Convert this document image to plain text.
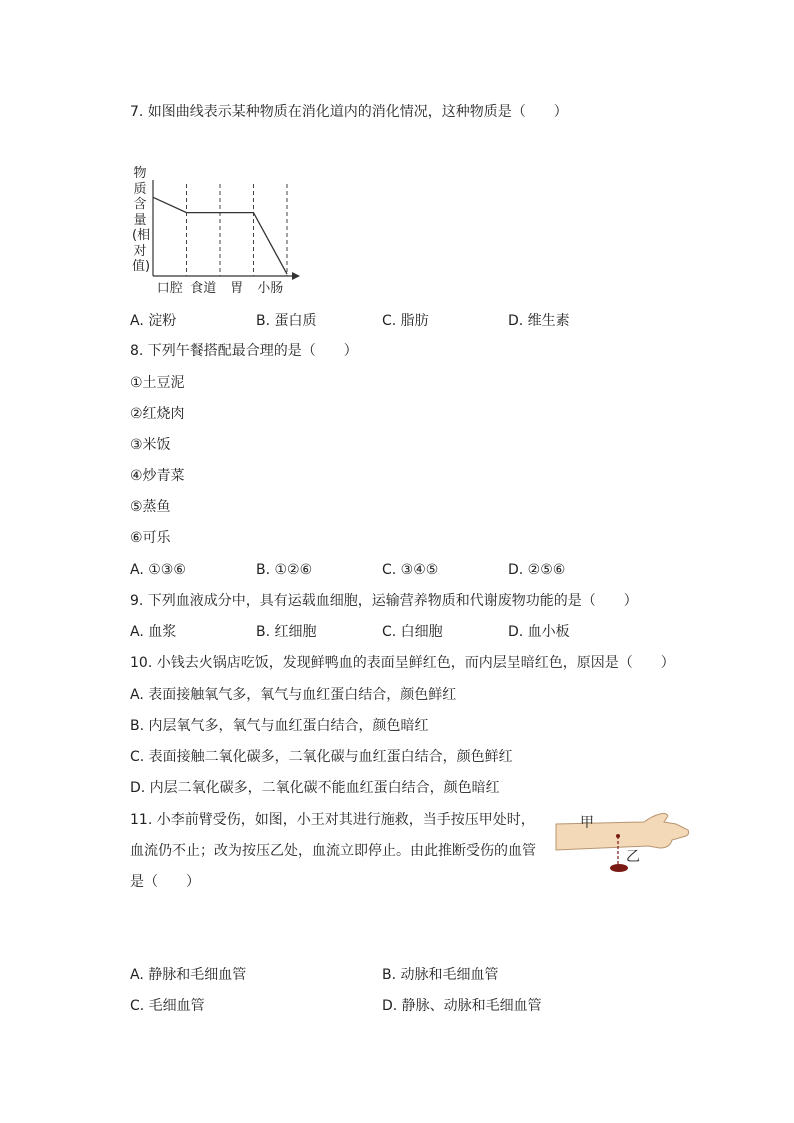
7. 如图曲线表示某种物质在消化道内的消化情况，这种物质是（　　）
物质含量(相对值)
口腔 食道 胃 小肠
A. 淀粉	B. 蛋白质	C. 脂肪	D. 维生素
8. 下列午餐搭配最合理的是（　　）
①土豆泥
②红烧肉
③米饭
④炒青菜
⑤蒸鱼
⑥可乐
A. ①③⑥	B. ①②⑥	C. ③④⑤	D. ②⑤⑥
9. 下列血液成分中，具有运载血细胞，运输营养物质和代谢废物功能的是（　　）
A. 血浆	B. 红细胞	C. 白细胞	D. 血小板
10. 小钱去火锅店吃饭，发现鲜鸭血的表面呈鲜红色，而内层呈暗红色，原因是（　　）
A. 表面接触氧气多，氧气与血红蛋白结合，颜色鲜红
B. 内层氧气多，氧气与血红蛋白结合，颜色暗红
C. 表面接触二氧化碳多，二氧化碳与血红蛋白结合，颜色鲜红
D. 内层二氧化碳多，二氧化碳不能血红蛋白结合，颜色暗红
11. 小李前臂受伤，如图，小王对其进行施救，当手按压甲处时，
血流仍不止；改为按压乙处，血流立即停止。由此推断受伤的血管
是（　　）
甲
乙
A. 静脉和毛细血管	B. 动脉和毛细血管
C. 毛细血管	D. 静脉、动脉和毛细血管
